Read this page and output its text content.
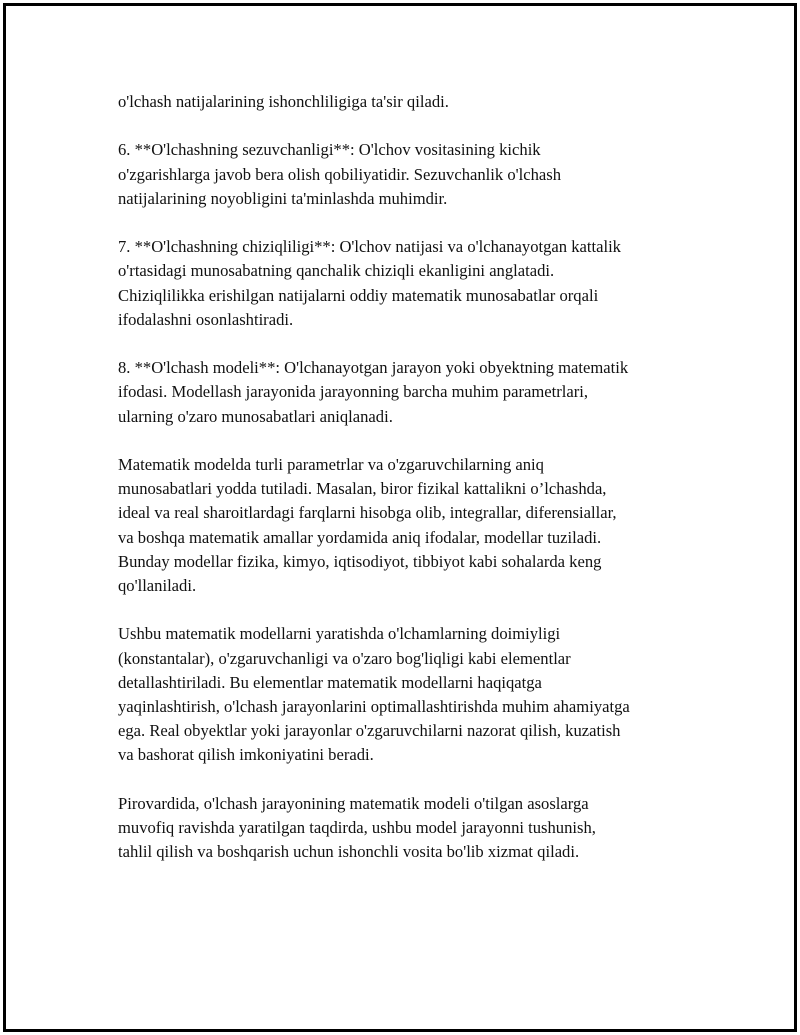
o'lchash natijalarining ishonchliligiga ta'sir qiladi.

6. **O'lchashning sezuvchanligi**: O'lchov vositasining kichik
o'zgarishlarga javob bera olish qobiliyatidir. Sezuvchanlik o'lchash
natijalarining noyobligini ta'minlashda muhimdir.

7. **O'lchashning chiziqliligi**: O'lchov natijasi va o'lchanayotgan kattalik
o'rtasidagi munosabatning qanchalik chiziqli ekanligini anglatadi.
Chiziqlilikka erishilgan natijalarni oddiy matematik munosabatlar orqali
ifodalashni osonlashtiradi.

8. **O'lchash modeli**: O'lchanayotgan jarayon yoki obyektning matematik
ifodasi. Modellash jarayonida jarayonning barcha muhim parametrlari,
ularning o'zaro munosabatlari aniqlanadi.

Matematik modelda turli parametrlar va o'zgaruvchilarning aniq
munosabatlari yodda tutiladi. Masalan, biror fizikal kattalikni o’lchashda,
ideal va real sharoitlardagi farqlarni hisobga olib, integrallar, diferensiallar,
va boshqa matematik amallar yordamida aniq ifodalar, modellar tuziladi.
Bunday modellar fizika, kimyo, iqtisodiyot, tibbiyot kabi sohalarda keng
qo'llaniladi.

Ushbu matematik modellarni yaratishda o'lchamlarning doimiyligi
(konstantalar), o'zgaruvchanligi va o'zaro bog'liqligi kabi elementlar
detallashtiriladi. Bu elementlar matematik modellarni haqiqatga
yaqinlashtirish, o'lchash jarayonlarini optimallashtirishda muhim ahamiyatga
ega. Real obyektlar yoki jarayonlar o'zgaruvchilarni nazorat qilish, kuzatish
va bashorat qilish imkoniyatini beradi.

Pirovardida, o'lchash jarayonining matematik modeli o'tilgan asoslarga
muvofiq ravishda yaratilgan taqdirda, ushbu model jarayonni tushunish,
tahlil qilish va boshqarish uchun ishonchli vosita bo'lib xizmat qiladi.
